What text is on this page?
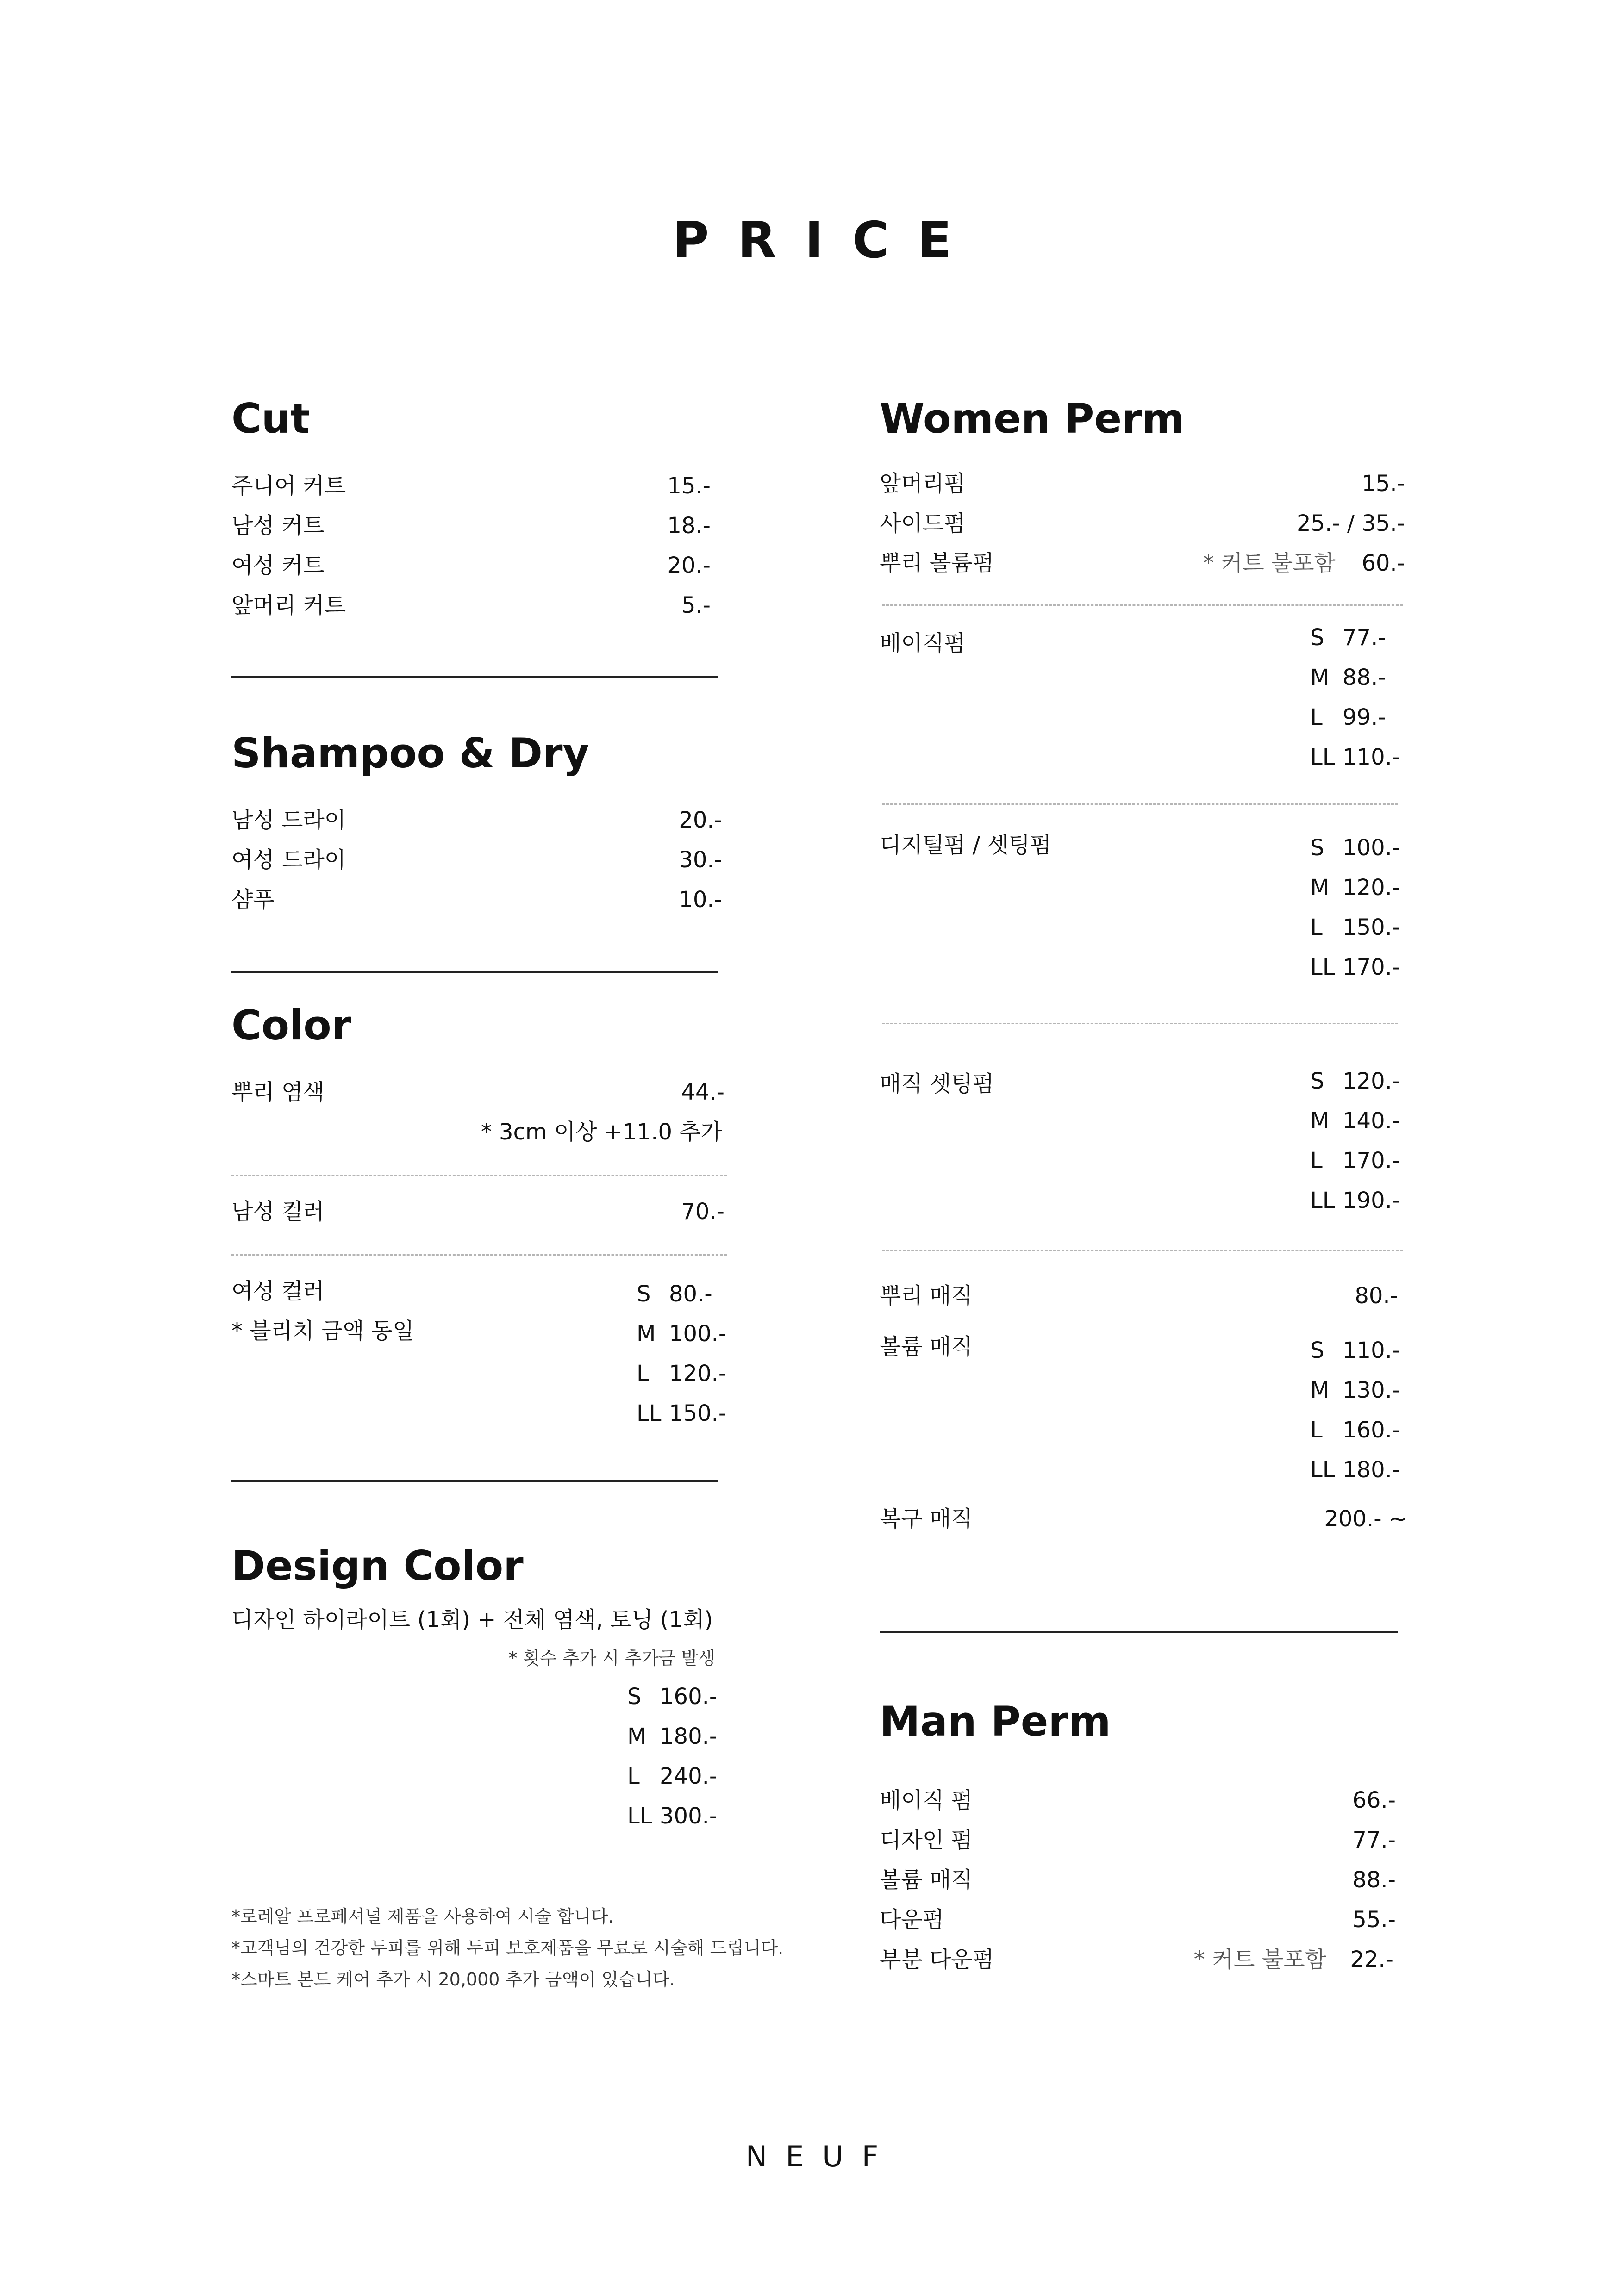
PRICE
Cut
주니어 커트	15.-
남성 커트	18.-
여성 커트	20.-
앞머리 커트	5.-
Shampoo & Dry
남성 드라이	20.-
여성 드라이	30.-
샴푸	10.-
Color
뿌리 염색	44.-
* 3cm 이상 +11.0 추가
남성 컬러	70.-
여성 컬러
* 블리치 금액 동일
S 80.-
M 100.-
L 120.-
LL 150.-
Design Color
디자인 하이라이트 (1회) + 전체 염색, 토닝 (1회)
* 횟수 추가 시 추가금 발생
S 160.-
M 180.-
L 240.-
LL 300.-
*로레알 프로페셔널 제품을 사용하여 시술 합니다.
*고객님의 건강한 두피를 위해 두피 보호제품을 무료로 시술해 드립니다.
*스마트 본드 케어 추가 시 20,000 추가 금액이 있습니다.
Women Perm
앞머리펌	15.-
사이드펌	25.- / 35.-
뿌리 볼륨펌	* 커트 불포함	60.-
베이직펌	S 77.-
M 88.-
L 99.-
LL 110.-
디지털펌 / 셋팅펌	S 100.-
M 120.-
L 150.-
LL 170.-
매직 셋팅펌	S 120.-
M 140.-
L 170.-
LL 190.-
뿌리 매직	80.-
볼륨 매직	S 110.-
M 130.-
L 160.-
LL 180.-
복구 매직	200.- ~
Man Perm
베이직 펌	66.-
디자인 펌	77.-
볼륨 매직	88.-
다운펌	55.-
부분 다운펌	* 커트 불포함	22.-
NEUF
